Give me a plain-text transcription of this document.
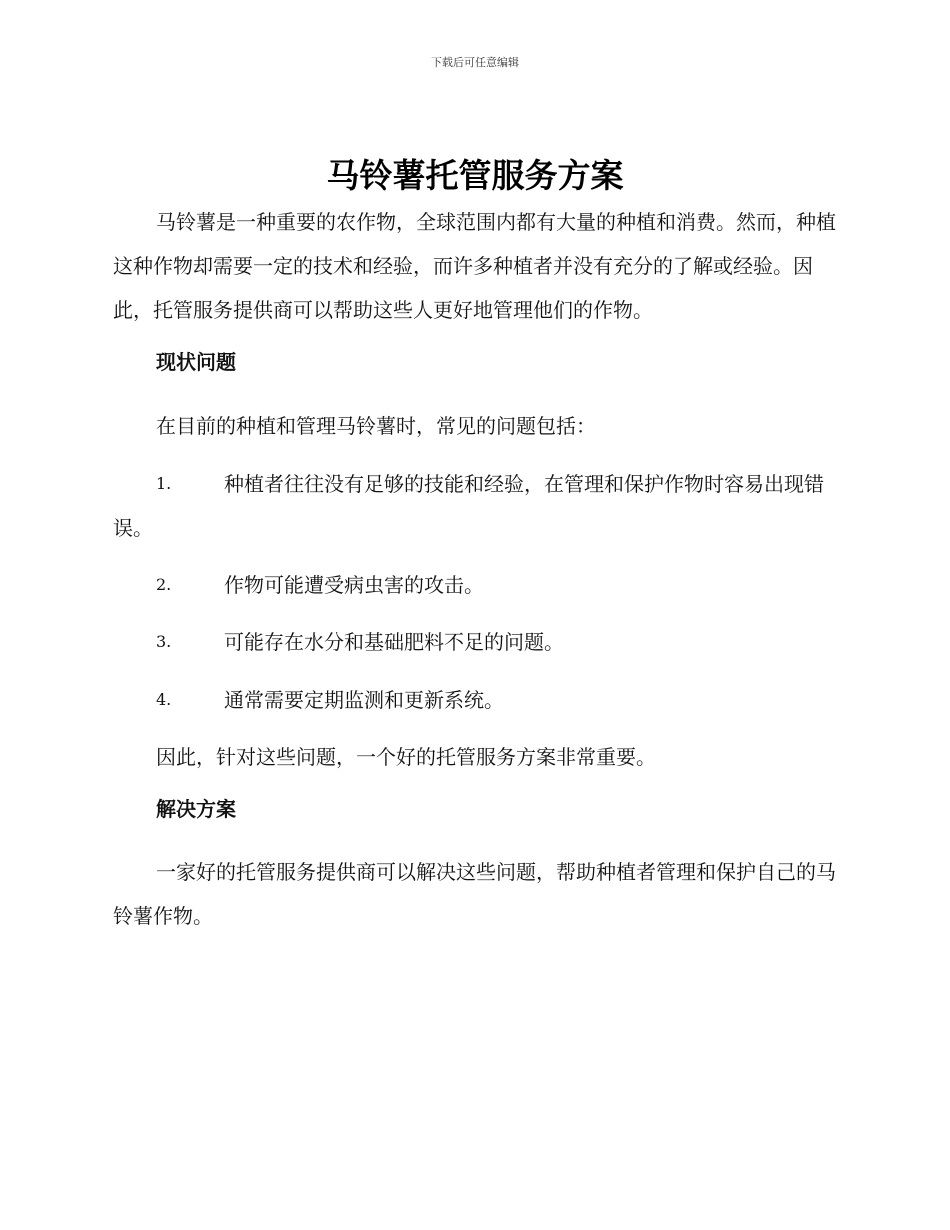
下载后可任意编辑
马铃薯托管服务方案
马铃薯是一种重要的农作物，全球范围内都有大量的种植和消费。然而，种植这种作物却需要一定的技术和经验，而许多种植者并没有充分的了解或经验。因此，托管服务提供商可以帮助这些人更好地管理他们的作物。
现状问题
在目前的种植和管理马铃薯时，常见的问题包括：
1.	种植者往往没有足够的技能和经验，在管理和保护作物时容易出现错误。
2.	作物可能遭受病虫害的攻击。
3.	可能存在水分和基础肥料不足的问题。
4.	通常需要定期监测和更新系统。
因此，针对这些问题，一个好的托管服务方案非常重要。
解决方案
一家好的托管服务提供商可以解决这些问题，帮助种植者管理和保护自己的马铃薯作物。
